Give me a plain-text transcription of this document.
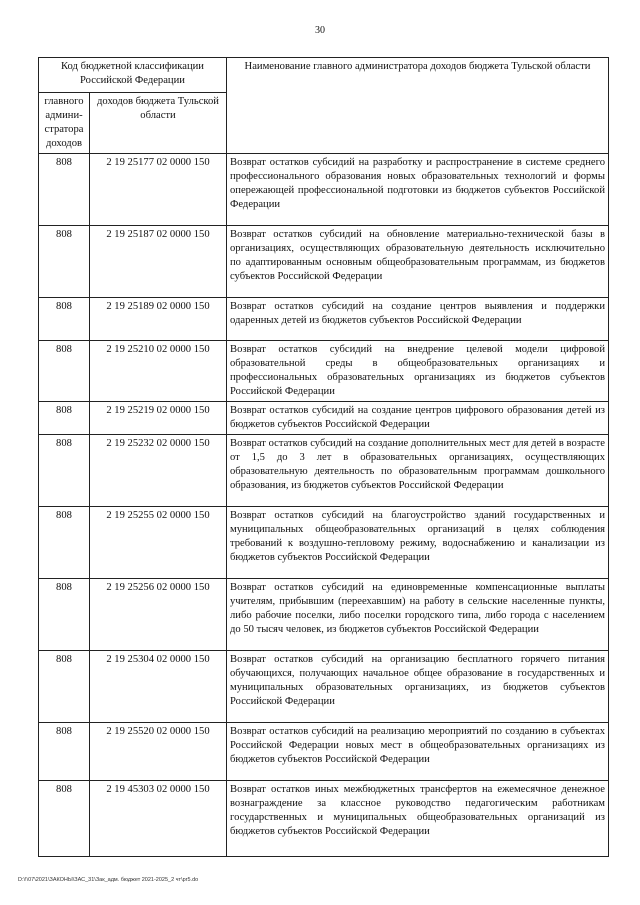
30
Код бюджетной классификации Российской Федерации		Наименование главного администратора доходов бюджета Тульской области
главного админи-стратора доходов	доходов бюджета Тульской области	
808	2 19 25177 02 0000 150	Возврат остатков субсидий на разработку и распространение в системе среднего профессионального образования новых образовательных технологий и формы опережающей профессиональной подготовки из бюджетов субъектов Российской Федерации
808	2 19 25187 02 0000 150	Возврат остатков субсидий на обновление материально-технической базы в организациях, осуществляющих образовательную деятельность исключительно по адаптированным основным общеобразовательным программам, из бюджетов субъектов Российской Федерации
808	2 19 25189 02 0000 150	Возврат остатков субсидий на создание центров выявления и поддержки одаренных детей из бюджетов субъектов Российской Федерации
808	2 19 25210 02 0000 150	Возврат остатков субсидий на внедрение целевой модели цифровой образовательной среды в общеобразовательных организациях и профессиональных образовательных организациях из бюджетов субъектов Российской Федерации
808	2 19 25219 02 0000 150	Возврат остатков субсидий на создание центров цифрового образования детей из бюджетов субъектов Российской Федерации
808	2 19 25232 02 0000 150	Возврат остатков субсидий на создание дополнительных мест для детей в возрасте от 1,5 до 3 лет в образовательных организациях, осуществляющих образовательную деятельность по образовательным программам дошкольного образования, из бюджетов субъектов Российской Федерации
808	2 19 25255 02 0000 150	Возврат остатков субсидий на благоустройство зданий государственных и муниципальных общеобразовательных организаций в целях соблюдения требований к воздушно-тепловому режиму, водоснабжению и канализации из бюджетов субъектов Российской Федерации
808	2 19 25256 02 0000 150	Возврат остатков субсидий на единовременные компенсационные выплаты учителям, прибывшим (переехавшим) на работу в сельские населенные пункты, либо рабочие поселки, либо поселки городского типа, либо города с населением до 50 тысяч человек, из бюджетов субъектов Российской Федерации
808	2 19 25304 02 0000 150	Возврат остатков субсидий на организацию бесплатного горячего питания обучающихся, получающих начальное общее образование в государственных и муниципальных образовательных организациях, из бюджетов субъектов Российской Федерации
808	2 19 25520 02 0000 150	Возврат остатков субсидий на реализацию мероприятий по созданию в субъектах Российской Федерации новых мест в общеобразовательных организациях из бюджетов субъектов Российской Федерации
808	2 19 45303 02 0000 150	Возврат остатков иных межбюджетных трансфертов на ежемесячное денежное вознаграждение за классное руководство педагогическим работникам государственных и муниципальных общеобразовательных организаций из бюджетов субъектов Российской Федерации
D:\!\07\2021\ЗАКОНЫ\ЗАС_31\Зак_адм. бюджет 2021-2025_2 чт\pr5.do
